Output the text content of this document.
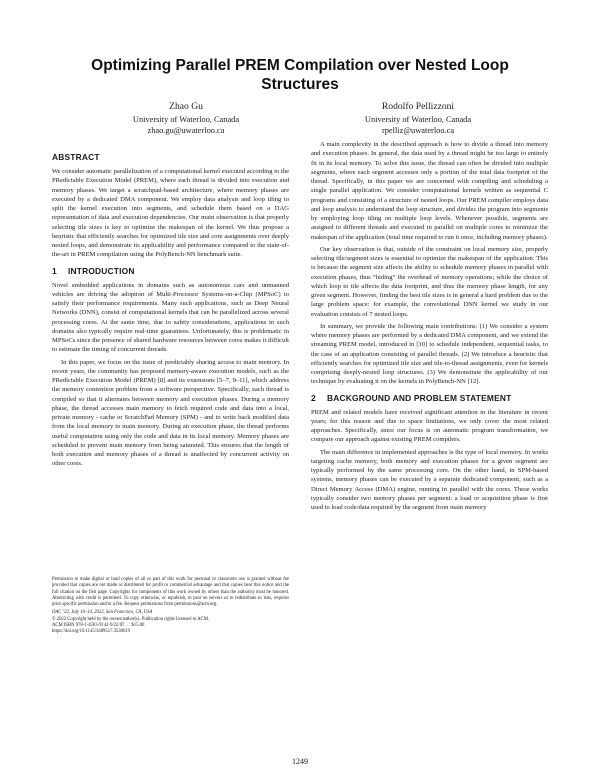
Optimizing Parallel PREM Compilation over Nested Loop Structures
Zhao Gu
University of Waterloo, Canada
zhao.gu@uwaterloo.ca
Rodolfo Pellizzoni
University of Waterloo, Canada
rpelliz@uwaterloo.ca
ABSTRACT

We consider automatic parallelization of a computational kernel executed according to the PRedictable Execution Model (PREM), where each thread is divided into execution and memory phases. We target a scratchpad-based architecture, where memory phases are executed by a dedicated DMA component. We employ data analysis and loop tiling to split the kernel execution into segments, and schedule them based on a DAG representation of data and execution dependencies. Our main observation is that properly selecting tile sizes is key to optimize the makespan of the kernel. We thus propose a heuristic that efficiently searches for optimized tile size and core assignments over deeply nested loops, and demonstrate its applicability and performance compared to the state-of-the-art in PREM compilation using the PolyBench-NN benchmark suite.

1 INTRODUCTION

Novel embedded applications in domains such as autonomous cars and unmanned vehicles are driving the adoption of Multi-Processor Systems-on-a-Chip (MPSoC) to satisfy their performance requirements. Many such applications, such as Deep Neural Networks (DNN), consist of computational kernels that can be parallelized across several processing cores. At the same time, due to safety considerations, applications in such domains also typically require real-time guarantees. Unfortunately, this is problematic in MPSoCs since the presence of shared hardware resources between cores makes it difficult to estimate the timing of concurrent threads.

In this paper, we focus on the issue of predictably sharing access to main memory. In recent years, the community has proposed memory-aware execution models, such as the PRedictable Execution Model (PREM) [8] and its extensions [5–7, 9–11], which address the memory contention problem from a software perspective. Specifically, each thread is compiled so that it alternates between memory and execution phases. During a memory phase, the thread accesses main memory to fetch required code and data into a local, private memory - cache or ScratchPad Memory (SPM) - and to write back modified data from the local memory to main memory. During an execution phase, the thread performs useful computation using only the code and data in its local memory. Memory phases are scheduled to prevent main memory from being saturated. This ensures that the length of both execution and memory phases of a thread is unaffected by concurrent activity on other cores.

Permission to make digital or hard copies of all or part of this work for personal or classroom use is granted without fee provided that copies are not made or distributed for profit or commercial advantage and that copies bear this notice and the full citation on the first page. Copyrights for components of this work owned by others than the author(s) must be honored. Abstracting with credit is permitted. To copy otherwise, or republish, to post on servers or to redistribute to lists, requires prior specific permission and/or a fee. Request permissions from permissions@acm.org.

DAC ’22, July 10–14, 2022, San Francisco, CA, USA

© 2022 Copyright held by the owner/author(s). Publication rights licensed to ACM.

ACM ISBN 978-1-4503-9142-9/22/07. . . $15.00

https://doi.org/10.1145/3489517.3530619

A main complexity in the described approach is how to divide a thread into memory and execution phases. In general, the data used by a thread might be too large to entirely fit in its local memory. To solve this issue, the thread can often be divided into multiple segments, where each segment accesses only a portion of the total data footprint of the thread. Specifically, in this paper we are concerned with compiling and scheduling a single parallel application. We consider computational kernels written as sequential C programs and consisting of a structure of nested loops. Our PREM compiler employs data and loop analysis to understand the loop structure, and divides the program into segments by employing loop tiling on multiple loop levels. Whenever possible, segments are assigned to different threads and executed in parallel on multiple cores to minimize the makespan of the application (total time required to run it once, including memory phases).

Our key observation is that, outside of the constraint on local memory size, properly selecting tile/segment sizes is essential to optimize the makespan of the application. This is because the segment size affects the ability to schedule memory phases in parallel with execution phases, thus “hiding” the overhead of memory operations; while the choice of which loop to tile affects the data footprint, and thus the memory phase length, for any given segment. However, finding the best tile sizes is in general a hard problem due to the large problem space: for example, the convolutional DNN kernel we study in our evaluation consists of 7 nested loops.

In summary, we provide the following main contributions: (1) We consider a system where memory phases are performed by a dedicated DMA component, and we extend the streaming PREM model, introduced in [10] to schedule independent, sequential tasks, to the case of an application consisting of parallel threads. (2) We introduce a heuristic that efficiently searches for optimized tile size and tile-to-thread assignments, even for kernels comprising deeply-nested loop structures. (3) We demonstrate the applicability of our technique by evaluating it on the kernels in PolyBench-NN [12].

2 BACKGROUND AND PROBLEM STATEMENT

PREM and related models have received significant attention in the literature in recent years; for this reason and due to space limitations, we only cover the most related approaches. Specifically, since our focus is on automatic program transformation, we compare our approach against existing PREM compilers.

The main difference in implemented approaches is the type of local memory. In works targeting cache memory, both memory and execution phases for a given segment are typically performed by the same processing core. On the other hand, in SPM-based systems, memory phases can be executed by a separate dedicated component, such as a Direct Memory Access (DMA) engine, running in parallel with the cores. These works typically consider two memory phases per segment: a load or acquisition phase is first used to load code/data required by the segment from main memory

1249
